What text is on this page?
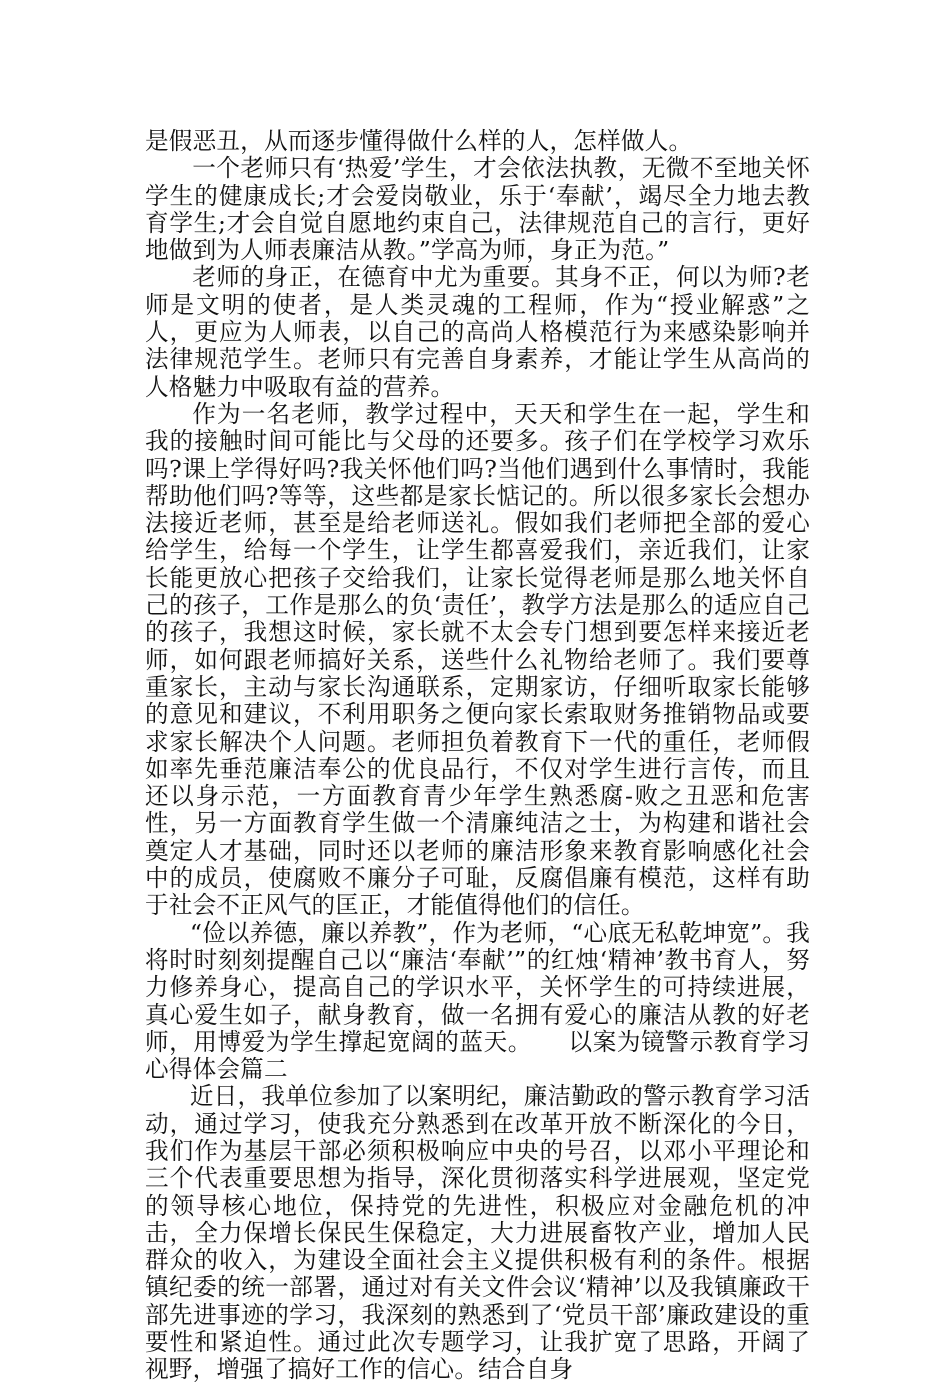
是假恶丑，从而逐步懂得做什么样的人，怎样做人。

一个老师只有‘热爱’学生，才会依法执教，无微不至地关怀学生的健康成长;才会爱岗敬业，乐于‘奉献’，竭尽全力地去教育学生;才会自觉自愿地约束自己，法律规范自己的言行，更好地做到为人师表廉洁从教。”学高为师，身正为范。”

老师的身正，在德育中尤为重要。其身不正，何以为师?老师是文明的使者，是人类灵魂的工程师，作为“授业解惑”之人，更应为人师表，以自己的高尚人格模范行为来感染影响并法律规范学生。老师只有完善自身素养，才能让学生从高尚的人格魅力中吸取有益的营养。

作为一名老师，教学过程中，天天和学生在一起，学生和我的接触时间可能比与父母的还要多。孩子们在学校学习欢乐吗?课上学得好吗?我关怀他们吗?当他们遇到什么事情时，我能帮助他们吗?等等，这些都是家长惦记的。所以很多家长会想办法接近老师，甚至是给老师送礼。假如我们老师把全部的爱心给学生，给每一个学生，让学生都喜爱我们，亲近我们，让家长能更放心把孩子交给我们，让家长觉得老师是那么地关怀自己的孩子，工作是那么的负‘责任’，教学方法是那么的适应自己的孩子，我想这时候，家长就不太会专门想到要怎样来接近老师，如何跟老师搞好关系，送些什么礼物给老师了。我们要尊重家长，主动与家长沟通联系，定期家访，仔细听取家长能够的意见和建议，不利用职务之便向家长索取财务推销物品或要求家长解决个人问题。老师担负着教育下一代的重任，老师假如率先垂范廉洁奉公的优良品行，不仅对学生进行言传，而且还以身示范，一方面教育青少年学生熟悉腐-败之丑恶和危害性，另一方面教育学生做一个清廉纯洁之士，为构建和谐社会奠定人才基础，同时还以老师的廉洁形象来教育影响感化社会中的成员，使腐败不廉分子可耻，反腐倡廉有模范，这样有助于社会不正风气的匡正，才能值得他们的信任。

“俭以养德，廉以养教”，作为老师，“心底无私乾坤宽”。我将时时刻刻提醒自己以“廉洁‘奉献’”的红烛‘精神’教书育人，努力修养身心，提高自己的学识水平，关怀学生的可持续进展，真心爱生如子，献身教育，做一名拥有爱心的廉洁从教的好老师，用博爱为学生撑起宽阔的蓝天。　　以案为镜警示教育学习心得体会篇二

近日，我单位参加了以案明纪，廉洁勤政的警示教育学习活动，通过学习，使我充分熟悉到在改革开放不断深化的今日，我们作为基层干部必须积极响应中央的号召，以邓小平理论和三个代表重要思想为指导，深化贯彻落实科学进展观，坚定党的领导核心地位，保持党的先进性，积极应对金融危机的冲击，全力保增长保民生保稳定，大力进展畜牧产业，增加人民群众的收入，为建设全面社会主义提供积极有利的条件。根据镇纪委的统一部署，通过对有关文件会议‘精神’以及我镇廉政干部先进事迹的学习，我深刻的熟悉到了‘党员干部’廉政建设的重要性和紧迫性。通过此次专题学习，让我扩宽了思路，开阔了视野，增强了搞好工作的信心。结合自身
